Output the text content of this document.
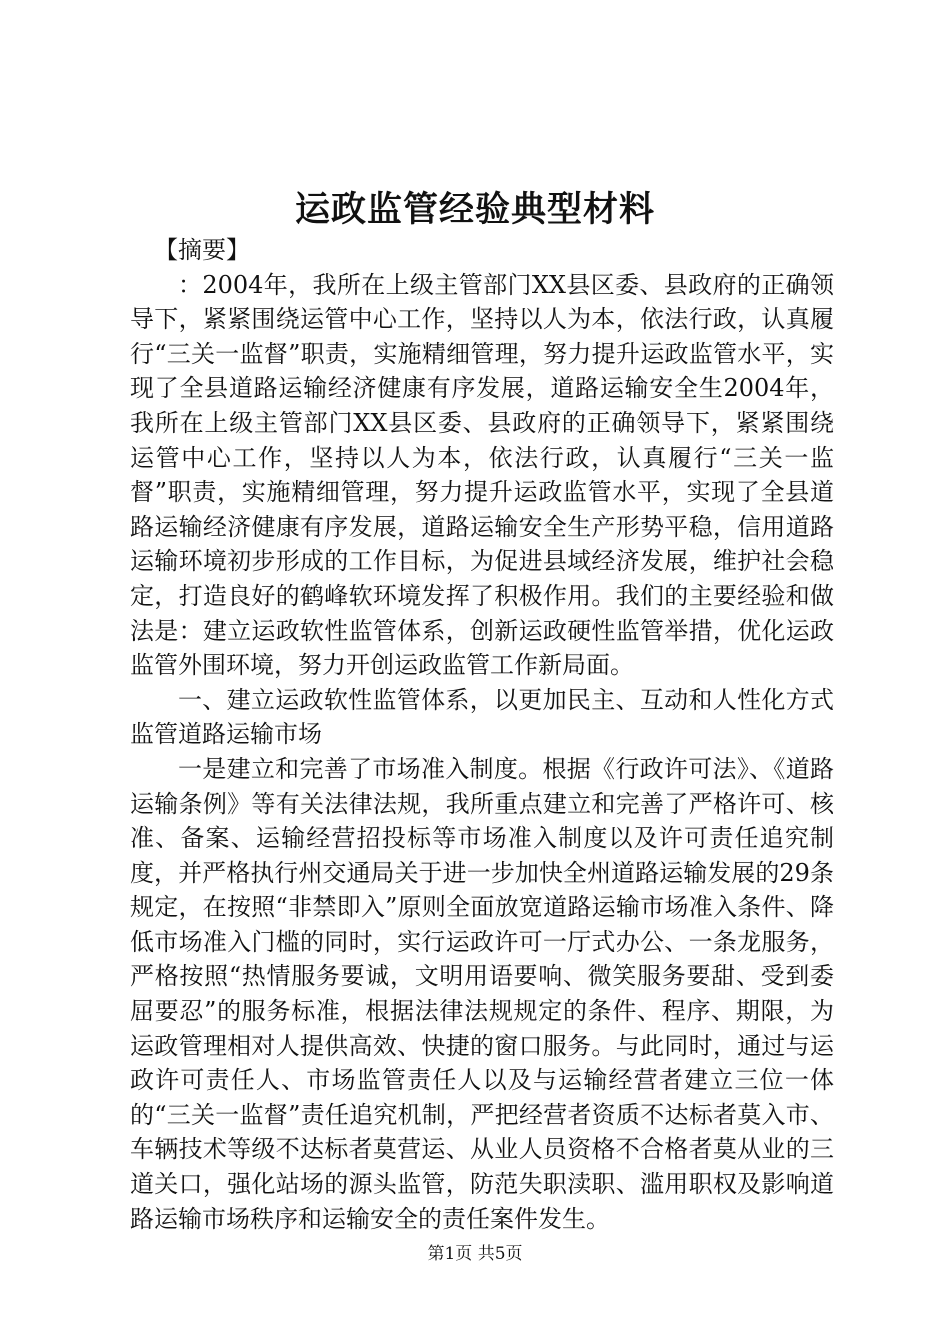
运政监管经验典型材料

【摘要】

：2004年，我所在上级主管部门XX县区委、县政府的正确领导下，紧紧围绕运管中心工作，坚持以人为本，依法行政，认真履行“三关一监督”职责，实施精细管理，努力提升运政监管水平，实现了全县道路运输经济健康有序发展，道路运输安全生2004年，我所在上级主管部门XX县区委、县政府的正确领导下，紧紧围绕运管中心工作，坚持以人为本，依法行政，认真履行“三关一监督”职责，实施精细管理，努力提升运政监管水平，实现了全县道路运输经济健康有序发展，道路运输安全生产形势平稳，信用道路运输环境初步形成的工作目标，为促进县域经济发展，维护社会稳定，打造良好的鹤峰软环境发挥了积极作用。我们的主要经验和做法是：建立运政软性监管体系，创新运政硬性监管举措，优化运政监管外围环境，努力开创运政监管工作新局面。

一、建立运政软性监管体系，以更加民主、互动和人性化方式监管道路运输市场

一是建立和完善了市场准入制度。根据《行政许可法》、《道路运输条例》等有关法律法规，我所重点建立和完善了严格许可、核准、备案、运输经营招投标等市场准入制度以及许可责任追究制度，并严格执行州交通局关于进一步加快全州道路运输发展的29条规定，在按照“非禁即入”原则全面放宽道路运输市场准入条件、降低市场准入门槛的同时，实行运政许可一厅式办公、一条龙服务，严格按照“热情服务要诚，文明用语要响、微笑服务要甜、受到委屈要忍”的服务标准，根据法律法规规定的条件、程序、期限，为运政管理相对人提供高效、快捷的窗口服务。与此同时，通过与运政许可责任人、市场监管责任人以及与运输经营者建立三位一体的“三关一监督”责任追究机制，严把经营者资质不达标者莫入市、车辆技术等级不达标者莫营运、从业人员资格不合格者莫从业的三道关口，强化站场的源头监管，防范失职渎职、滥用职权及影响道路运输市场秩序和运输安全的责任案件发生。

第1页 共5页
